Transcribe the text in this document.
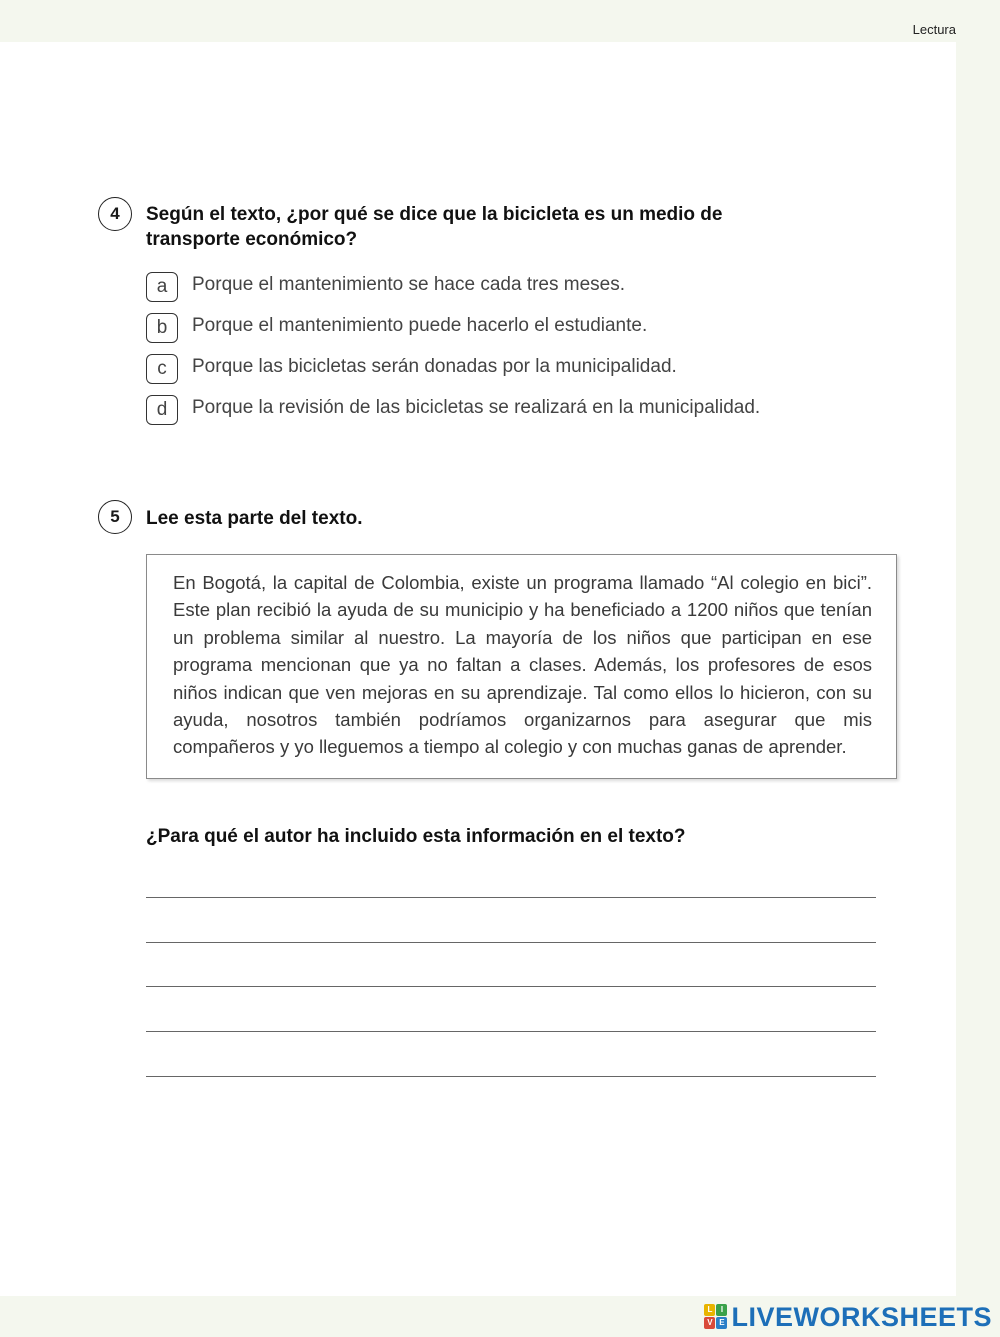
Lectura
4	Según el texto, ¿por qué se dice que la bicicleta es un medio de
transporte económico?
a	Porque el mantenimiento se hace cada tres meses.
b	Porque el mantenimiento puede hacerlo el estudiante.
c	Porque las bicicletas serán donadas por la municipalidad.
d	Porque la revisión de las bicicletas se realizará en la municipalidad.
5	Lee esta parte del texto.
En Bogotá, la capital de Colombia, existe un programa llamado “Al colegio en bici”. Este plan recibió la ayuda de su municipio y ha beneficiado a 1200 niños que tenían un problema similar al nuestro. La mayoría de los niños que participan en ese programa mencionan que ya no faltan a clases. Además, los profesores de esos niños indican que ven mejoras en su aprendizaje. Tal como ellos lo hicieron, con su ayuda, nosotros también podríamos organizarnos para asegurar que mis compañeros y yo lleguemos a tiempo al colegio y con muchas ganas de aprender.
¿Para qué el autor ha incluido esta información en el texto?
L	I
V E LIVEWORKSHEETS
